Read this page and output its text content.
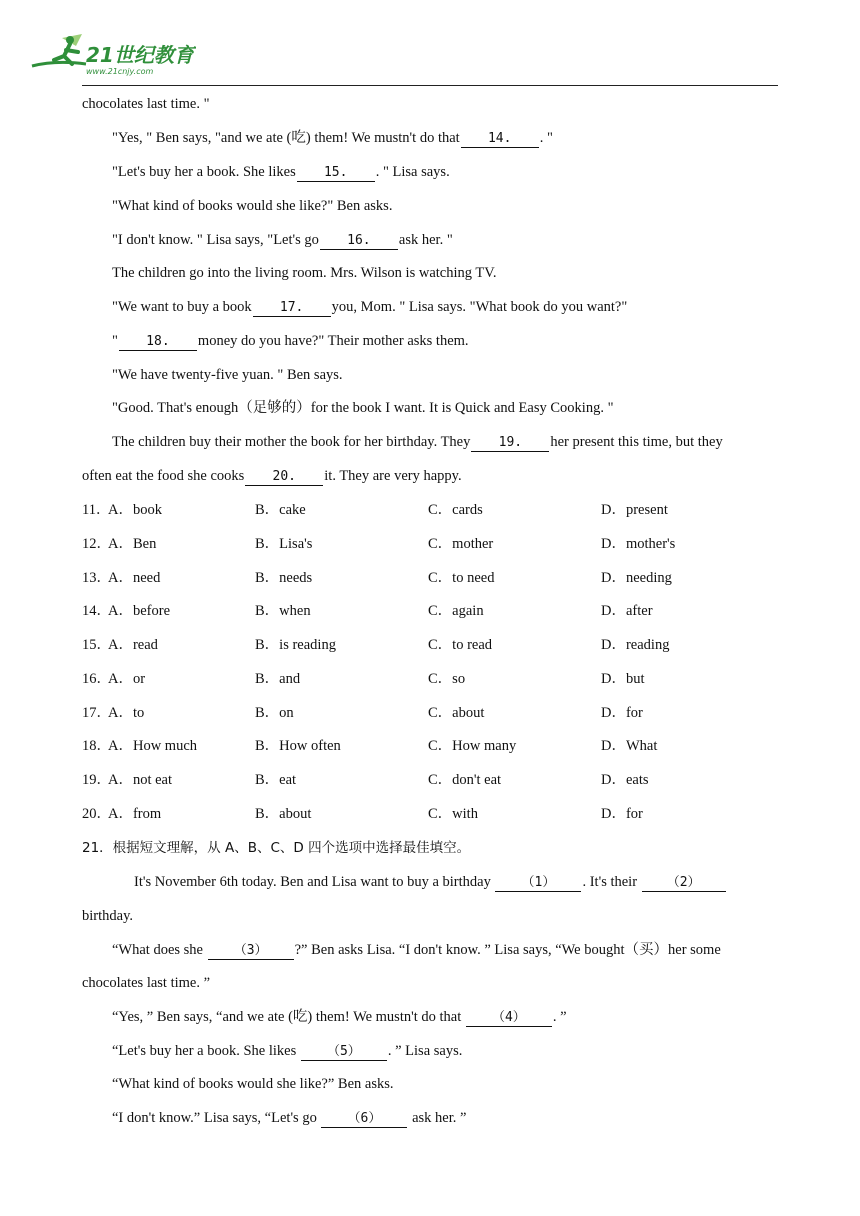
21世纪教育
www.21cnjy.com
chocolates last time. "
"Yes, " Ben says, "and we ate (吃) them! We mustn't do that 14. . "
"Let's buy her a book. She likes 15. . " Lisa says.
"What kind of books would she like?" Ben asks.
"I don't know. " Lisa says, "Let's go 16. ask her. "
The children go into the living room. Mrs. Wilson is watching TV.
"We want to buy a book 17. you, Mom. " Lisa says. "What book do you want?"
" 18. money do you have?" Their mother asks them.
"We have twenty-five yuan. " Ben says.
"Good. That's enough（足够的）for the book I want. It is Quick and Easy Cooking. "
The children buy their mother the book for her birthday. They 19. her present this time, but they
often eat the food she cooks 20. it. They are very happy.
11．
A．book	B．cake	C．cards	D．present
12．
A．Ben	B．Lisa's	C．mother	D．mother's
13．
A．need	B．needs	C．to need	D．needing
14．
A．before	B．when	C．again	D．after
15．
A．read	B．is reading	C．to read	D．reading
16．
A．or	B．and	C．so	D．but
17．
A．to	B．on	C．about	D．for
18．
A．How much	B．How often	C．How many	D．What
19．
A．not eat	B．eat	C．don't eat	D．eats
20．
A．from	B．about	C．with	D．for
21．根据短文理解，从 A、B、C、D 四个选项中选择最佳填空。
It's November 6th today. Ben and Lisa want to buy a birthday （1） . It's their （2）
birthday.
“What does she （3） ?” Ben asks Lisa. “I don't know. ” Lisa says, “We bought（买）her some
chocolates last time. ”
“Yes, ” Ben says, “and we ate (吃) them! We mustn't do that （4） . ”
“Let's buy her a book. She likes （5） . ” Lisa says.
“What kind of books would she like?” Ben asks.
“I don't know.” Lisa says, “Let's go （6） ask her. ”
